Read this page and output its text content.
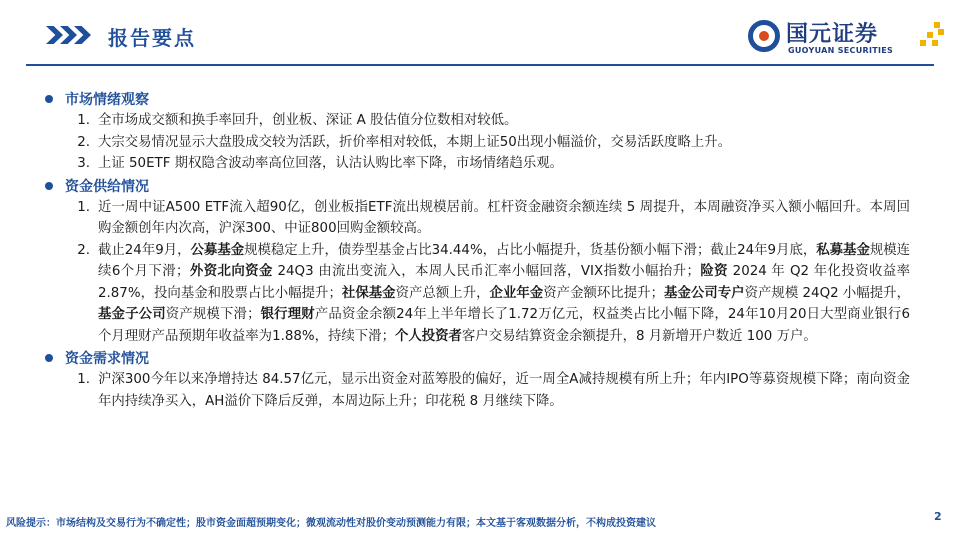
报告要点	国元证券
GUOYUAN SECURITIES
市场情绪观察
1. 全市场成交额和换手率回升，创业板、深证 A 股估值分位数相对较低。
2. 大宗交易情况显示大盘股成交较为活跃，折价率相对较低，本期上证50出现小幅溢价，交易活跃度略上升。
3. 上证 50ETF 期权隐含波动率高位回落，认沽认购比率下降，市场情绪趋乐观。
资金供给情况
1. 近一周中证A500 ETF流入超90亿，创业板指ETF流出规模居前。杠杆资金融资余额连续 5 周提升，本周融资净买入额小幅回升。本周回购金额创年内次高，沪深300、中证800回购金额较高。
2. 截止24年9月，公募基金规模稳定上升，债券型基金占比34.44%，占比小幅提升，货基份额小幅下滑；截止24年9月底，私募基金规模连续6个月下滑；外资北向资金 24Q3 由流出变流入，本周人民币汇率小幅回落，VIX指数小幅抬升；险资 2024 年 Q2 年化投资收益率 2.87%，投向基金和股票占比小幅提升；社保基金资产总额上升，企业年金资产金额环比提升；基金公司专户资产规模 24Q2 小幅提升，基金子公司资产规模下滑；银行理财产品资金余额24年上半年增长了1.72万亿元，权益类占比小幅下降，24年10月20日大型商业银行6个月理财产品预期年收益率为1.88%，持续下滑；个人投资者客户交易结算资金余额提升，8 月新增开户数近 100 万户。
资金需求情况
1. 沪深300今年以来净增持达 84.57亿元，显示出资金对蓝筹股的偏好，近一周全A减持规模有所上升；年内IPO等募资规模下降；南向资金年内持续净买入，AH溢价下降后反弹，本周边际上升；印花税 8 月继续下降。
风险提示：市场结构及交易行为不确定性；股市资金面超预期变化；微观流动性对股价变动预测能力有限；本文基于客观数据分析，不构成投资建议
2
